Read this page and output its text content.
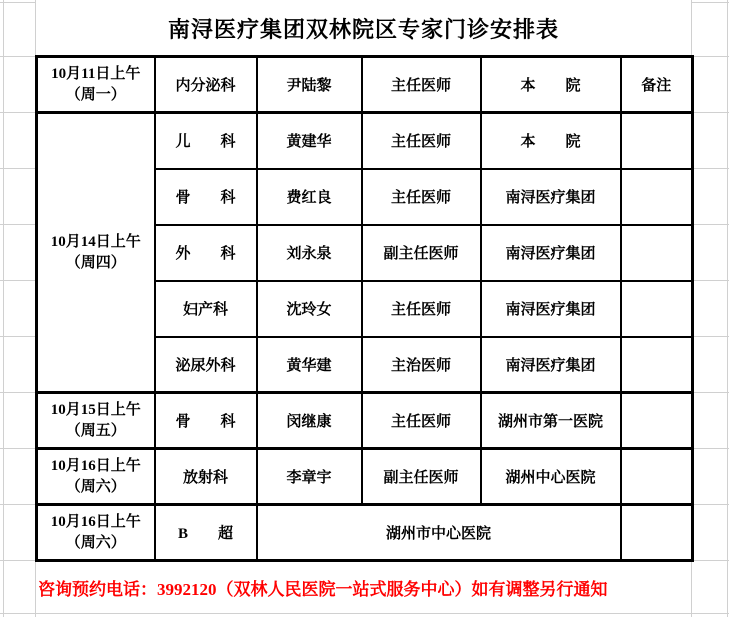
南浔医疗集团双林院区专家门诊安排表
10月11日上午
（周一）	内分泌科	尹陆黎	主任医师	本　　院	备注

10月14日上午
（周四）	儿　　科	黄建华	主任医师	本　　院	
	骨　　科	费红良	主任医师	南浔医疗集团	
	外　　科	刘永泉	副主任医师	南浔医疗集团	
	妇产科	沈玲女	主任医师	南浔医疗集团	
	泌尿外科	黄华建	主治医师	南浔医疗集团	

10月15日上午
（周五）	骨　　科	闵继康	主任医师	湖州市第一医院	

10月16日上午
（周六）	放射科	李章宇	副主任医师	湖州中心医院	

10月16日上午
（周六）	B　　超	湖州市中心医院			
咨询预约电话：3992120（双林人民医院一站式服务中心）如有调整另行通知
